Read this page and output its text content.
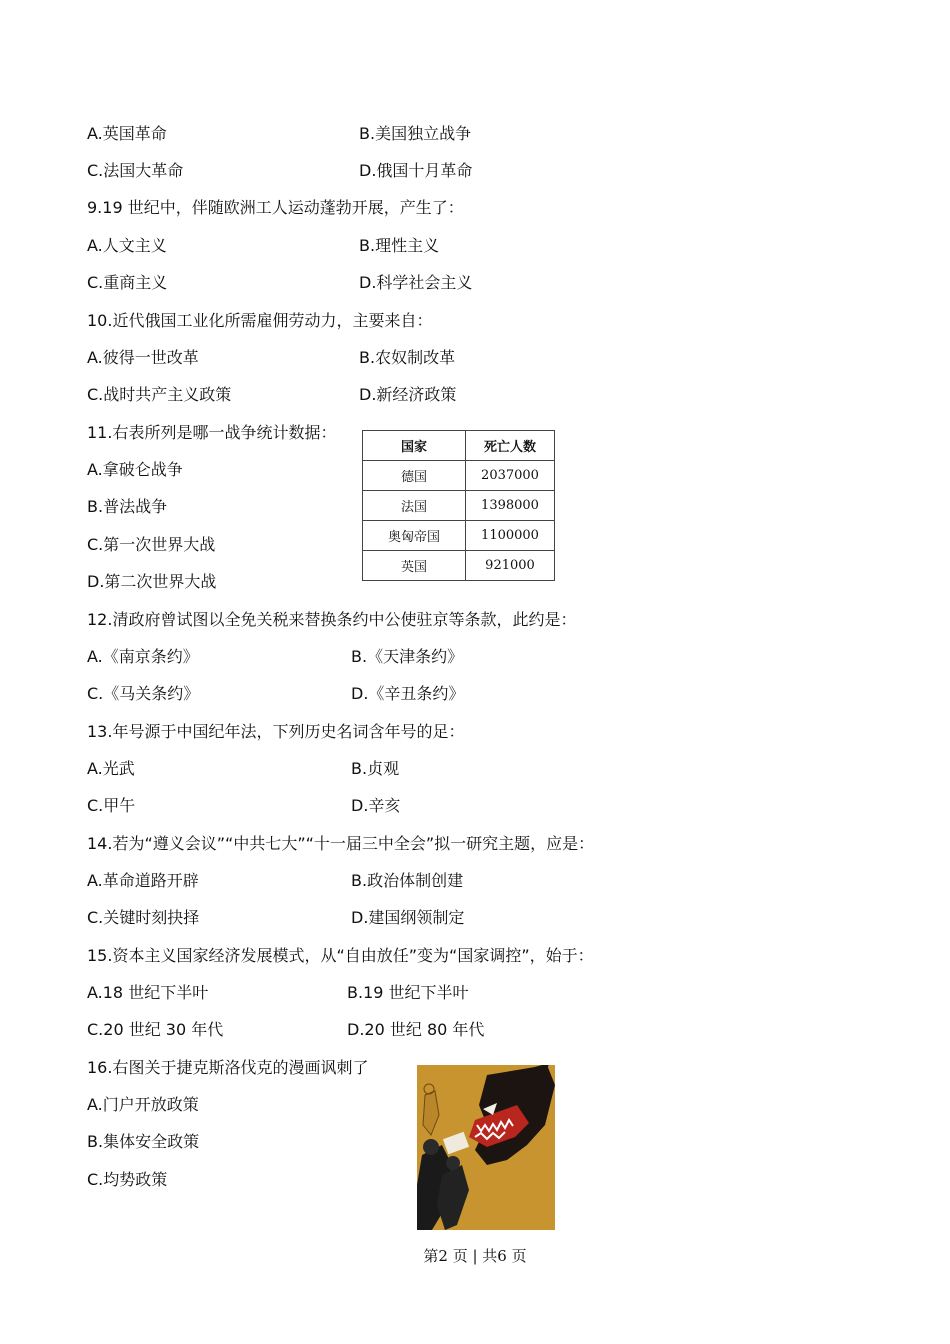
A.英国革命	B.美国独立战争
C.法国大革命	D.俄国十月革命
9.19 世纪中，伴随欧洲工人运动蓬勃开展，产生了：
A.人文主义	B.理性主义
C.重商主义	D.科学社会主义
10.近代俄国工业化所需雇佣劳动力，主要来自：
A.彼得一世改革	B.农奴制改革
C.战时共产主义政策	D.新经济政策
11.右表所列是哪一战争统计数据：
A.拿破仑战争
B.普法战争
C.第一次世界大战
D.第二次世界大战
国家	死亡人数
德国	2037000
法国	1398000
奥匈帝国	1100000
英国	921000
12.清政府曾试图以全免关税来替换条约中公使驻京等条款，此约是：
A.《南京条约》	B.《天津条约》
C.《马关条约》	D.《辛丑条约》
13.年号源于中国纪年法，下列历史名词含年号的足：
A.光武	B.贞观
C.甲午	D.辛亥
14.若为“遵义会议”“中共七大”“十一届三中全会”拟一研究主题，应是：
A.革命道路开辟	B.政治体制创建
C.关键时刻抉择	D.建国纲领制定
15.资本主义国家经济发展模式，从“自由放任”变为“国家调控”，始于：
A.18 世纪下半叶	B.19 世纪下半叶
C.20 世纪 30 年代	D.20 世纪 80 年代
16.右图关于捷克斯洛伐克的漫画讽刺了
A.门户开放政策
B.集体安全政策
C.均势政策
第2 页 | 共6 页
